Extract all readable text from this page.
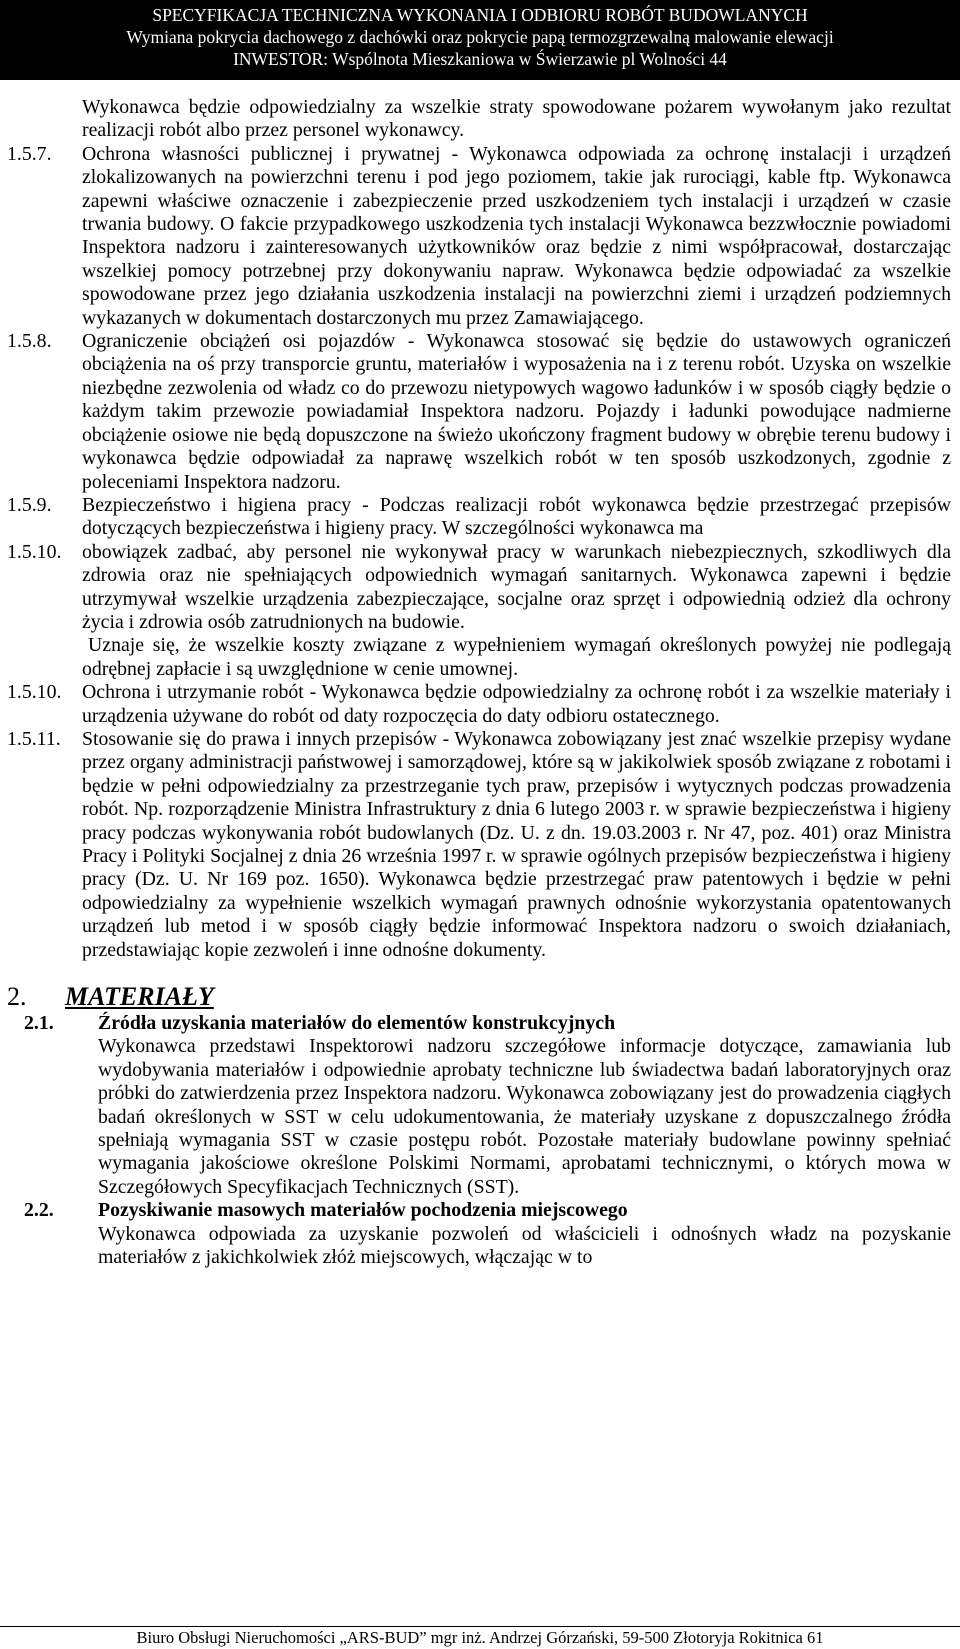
SPECYFIKACJA TECHNICZNA WYKONANIA I ODBIORU ROBÓT BUDOWLANYCH
Wymiana pokrycia dachowego z dachówki oraz pokrycie papą termozgrzewalną malowanie elewacji
INWESTOR: Wspólnota Mieszkaniowa w Świerzawie pl Wolności 44

Wykonawca będzie odpowiedzialny za wszelkie straty spowodowane pożarem wywołanym jako rezultat realizacji robót albo przez personel wykonawcy.

1.5.7. Ochrona własności publicznej i prywatnej - Wykonawca odpowiada za ochronę instalacji i urządzeń zlokalizowanych na powierzchni terenu i pod jego poziomem, takie jak rurociągi, kable ftp. Wykonawca zapewni właściwe oznaczenie i zabezpieczenie przed uszkodzeniem tych instalacji i urządzeń w czasie trwania budowy. O fakcie przypadkowego uszkodzenia tych instalacji Wykonawca bezzwłocznie powiadomi Inspektora nadzoru i zainteresowanych użytkowników oraz będzie z nimi współpracował, dostarczając wszelkiej pomocy potrzebnej przy dokonywaniu napraw. Wykonawca będzie odpowiadać za wszelkie spowodowane przez jego działania uszkodzenia instalacji na powierzchni ziemi i urządzeń podziemnych wykazanych w dokumentach dostarczonych mu przez Zamawiającego.

1.5.8. Ograniczenie obciążeń osi pojazdów - Wykonawca stosować się będzie do ustawowych ograniczeń obciążenia na oś przy transporcie gruntu, materiałów i wyposażenia na i z terenu robót. Uzyska on wszelkie niezbędne zezwolenia od władz co do przewozu nietypowych wagowo ładunków i w sposób ciągły będzie o każdym takim przewozie powiadamiał Inspektora nadzoru. Pojazdy i ładunki powodujące nadmierne obciążenie osiowe nie będą dopuszczone na świeżo ukończony fragment budowy w obrębie terenu budowy i wykonawca będzie odpowiadał za naprawę wszelkich robót w ten sposób uszkodzonych, zgodnie z poleceniami Inspektora nadzoru.

1.5.9. Bezpieczeństwo i higiena pracy - Podczas realizacji robót wykonawca będzie przestrzegać przepisów dotyczących bezpieczeństwa i higieny pracy. W szczególności wykonawca ma

1.5.10. obowiązek zadbać, aby personel nie wykonywał pracy w warunkach niebezpiecznych, szkodliwych dla zdrowia oraz nie spełniających odpowiednich wymagań sanitarnych. Wykonawca zapewni i będzie utrzymywał wszelkie urządzenia zabezpieczające, socjalne oraz sprzęt i odpowiednią odzież dla ochrony życia i zdrowia osób zatrudnionych na budowie.

Uznaje się, że wszelkie koszty związane z wypełnieniem wymagań określonych powyżej nie podlegają odrębnej zapłacie i są uwzględnione w cenie umownej.

1.5.10. Ochrona i utrzymanie robót - Wykonawca będzie odpowiedzialny za ochronę robót i za wszelkie materiały i urządzenia używane do robót od daty rozpoczęcia do daty odbioru ostatecznego.

1.5.11. Stosowanie się do prawa i innych przepisów - Wykonawca zobowiązany jest znać wszelkie przepisy wydane przez organy administracji państwowej i samorządowej, które są w jakikolwiek sposób związane z robotami i będzie w pełni odpowiedzialny za przestrzeganie tych praw, przepisów i wytycznych podczas prowadzenia robót. Np. rozporządzenie Ministra Infrastruktury z dnia 6 lutego 2003 r. w sprawie bezpieczeństwa i higieny pracy podczas wykonywania robót budowlanych (Dz. U. z dn. 19.03.2003 r. Nr 47, poz. 401) oraz Ministra Pracy i Polityki Socjalnej z dnia 26 września 1997 r. w sprawie ogólnych przepisów bezpieczeństwa i higieny pracy (Dz. U. Nr 169 poz. 1650). Wykonawca będzie przestrzegać praw patentowych i będzie w pełni odpowiedzialny za wypełnienie wszelkich wymagań prawnych odnośnie wykorzystania opatentowanych urządzeń lub metod i w sposób ciągły będzie informować Inspektora nadzoru o swoich działaniach, przedstawiając kopie zezwoleń i inne odnośne dokumenty.

2. MATERIAŁY
2.1. Źródła uzyskania materiałów do elementów konstrukcyjnych

Wykonawca przedstawi Inspektorowi nadzoru szczegółowe informacje dotyczące, zamawiania lub wydobywania materiałów i odpowiednie aprobaty techniczne lub świadectwa badań laboratoryjnych oraz próbki do zatwierdzenia przez Inspektora nadzoru. Wykonawca zobowiązany jest do prowadzenia ciągłych badań określonych w SST w celu udokumentowania, że materiały uzyskane z dopuszczalnego źródła spełniają wymagania SST w czasie postępu robót. Pozostałe materiały budowlane powinny spełniać wymagania jakościowe określone Polskimi Normami, aprobatami technicznymi, o których mowa w Szczegółowych Specyfikacjach Technicznych (SST).

2.2. Pozyskiwanie masowych materiałów pochodzenia miejscowego

Wykonawca odpowiada za uzyskanie pozwoleń od właścicieli i odnośnych władz na pozyskanie materiałów z jakichkolwiek złóż miejscowych, włączając w to

Biuro Obsługi Nieruchomości „ARS-BUD” mgr inż. Andrzej Górzański, 59-500 Złotoryja Rokitnica 61
